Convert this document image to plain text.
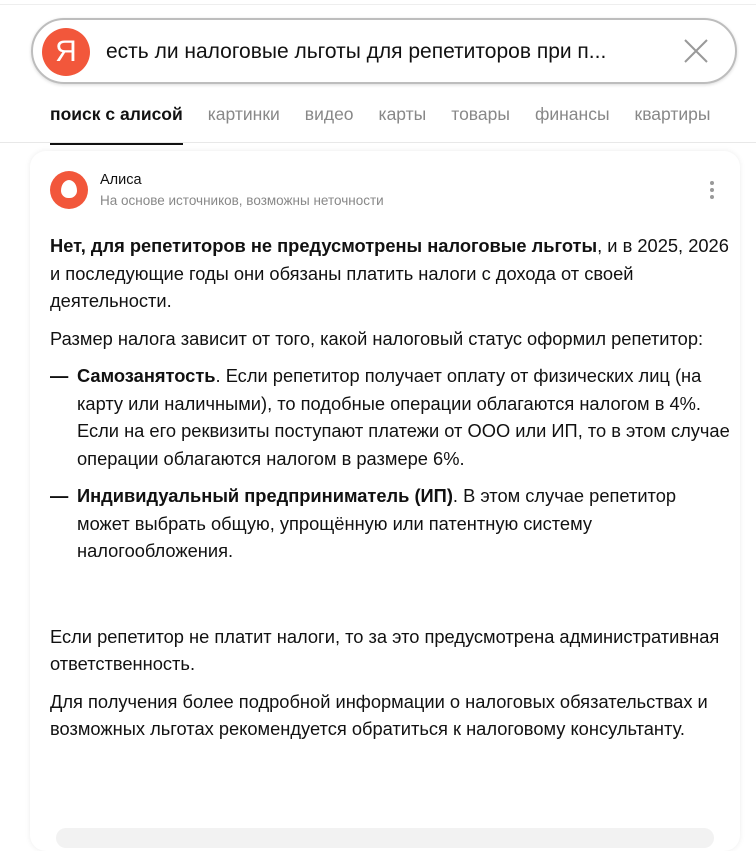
Я	есть ли налоговые льготы для репетиторов при п...
поиск с алисой картинки видео карты товары финансы квартиры
Алиса
На основе источников, возможны неточности

Нет, для репетиторов не предусмотрены налоговые льготы, и в 2025, 2026 и последующие годы они обязаны платить налоги с дохода от своей деятельности.

Размер налога зависит от того, какой налоговый статус оформил репетитор:

— Самозанятость. Если репетитор получает оплату от физических лиц (на карту или наличными), то подобные операции облагаются налогом в 4%. Если на его реквизиты поступают платежи от ООО или ИП, то в этом случае операции облагаются налогом в размере 6%.
— Индивидуальный предприниматель (ИП). В этом случае репетитор может выбрать общую, упрощённую или патентную систему налогообложения.

Если репетитор не платит налоги, то за это предусмотрена административная ответственность.

Для получения более подробной информации о налоговых обязательствах и возможных льготах рекомендуется обратиться к налоговому консультанту.
